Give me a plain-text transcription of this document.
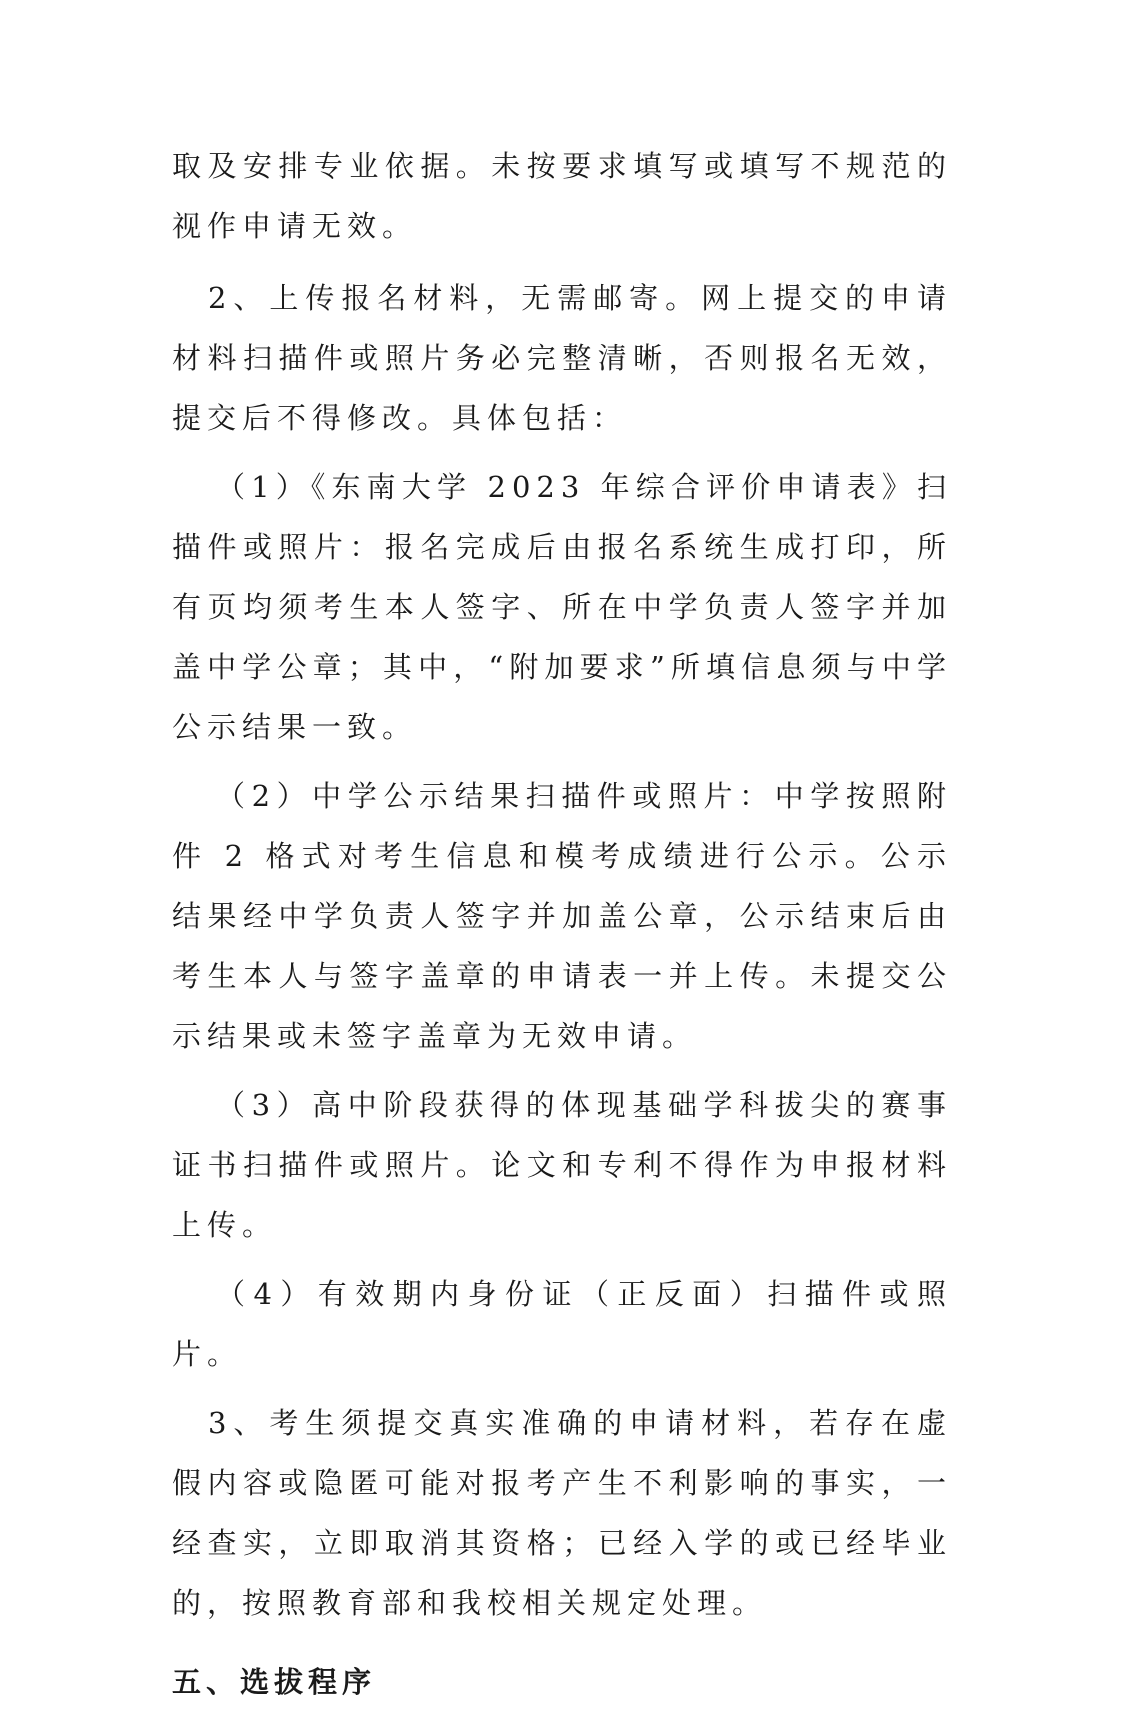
取及安排专业依据。未按要求填写或填写不规范的视作申请无效。

2、上传报名材料，无需邮寄。网上提交的申请材料扫描件或照片务必完整清晰，否则报名无效，提交后不得修改。具体包括：

（1）《东南大学 2023 年综合评价申请表》扫描件或照片：报名完成后由报名系统生成打印，所有页均须考生本人签字、所在中学负责人签字并加盖中学公章；其中，“附加要求”所填信息须与中学公示结果一致。

（2）中学公示结果扫描件或照片：中学按照附件 2 格式对考生信息和模考成绩进行公示。公示结果经中学负责人签字并加盖公章，公示结束后由考生本人与签字盖章的申请表一并上传。未提交公示结果或未签字盖章为无效申请。

（3）高中阶段获得的体现基础学科拔尖的赛事证书扫描件或照片。论文和专利不得作为申报材料上传。

（4）有效期内身份证（正反面）扫描件或照片。

3、考生须提交真实准确的申请材料，若存在虚假内容或隐匿可能对报考产生不利影响的事实，一经查实，立即取消其资格；已经入学的或已经毕业的，按照教育部和我校相关规定处理。

五、选拔程序
